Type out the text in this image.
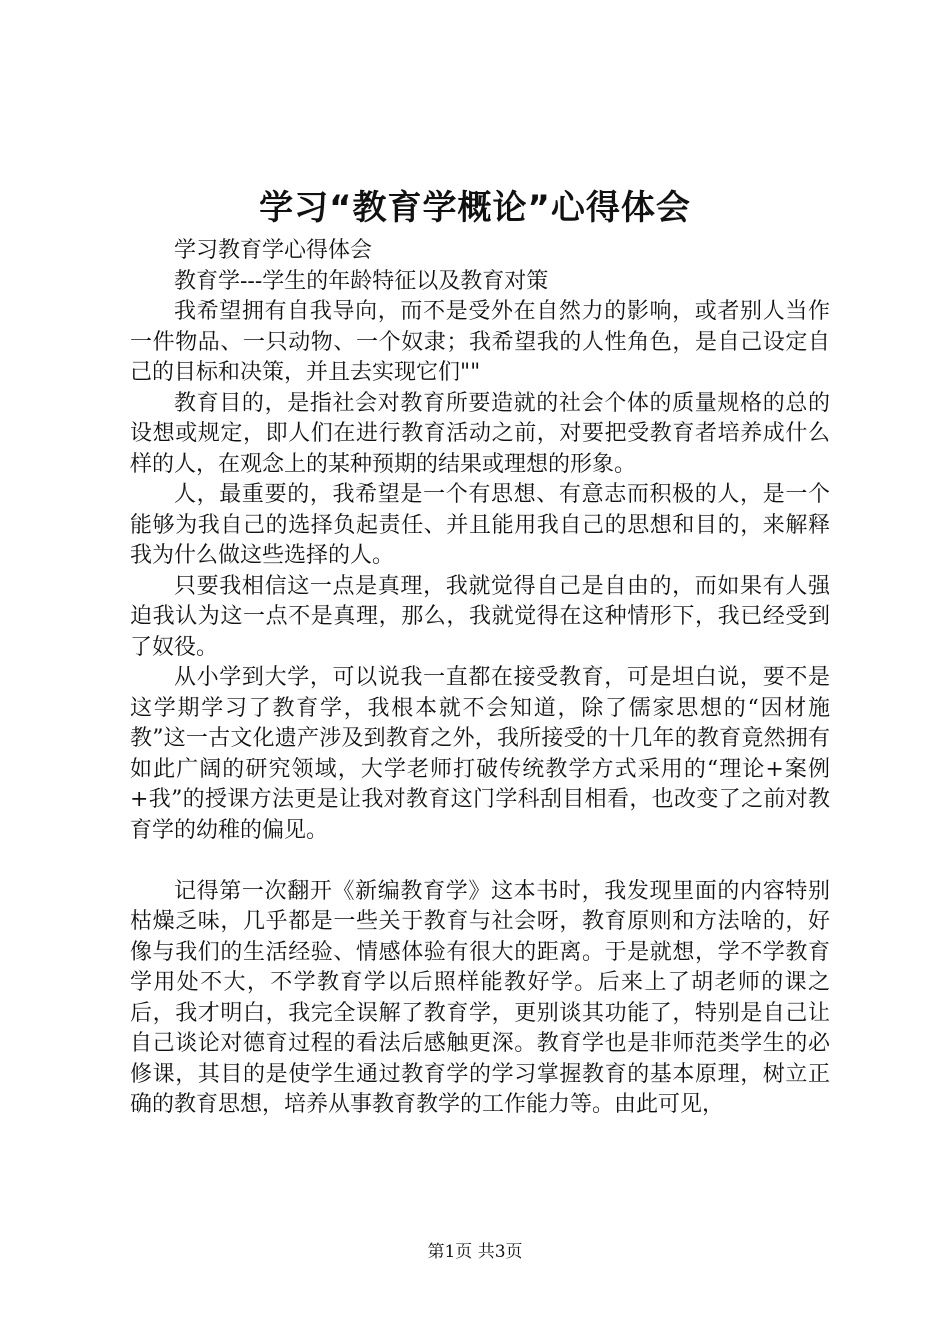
学习“教育学概论”心得体会

学习教育学心得体会

教育学---学生的年龄特征以及教育对策

我希望拥有自我导向，而不是受外在自然力的影响，或者别人当作一件物品、一只动物、一个奴隶；我希望我的人性角色，是自己设定自己的目标和决策，并且去实现它们""

教育目的，是指社会对教育所要造就的社会个体的质量规格的总的设想或规定，即人们在进行教育活动之前，对要把受教育者培养成什么样的人，在观念上的某种预期的结果或理想的形象。

人，最重要的，我希望是一个有思想、有意志而积极的人，是一个能够为我自己的选择负起责任、并且能用我自己的思想和目的，来解释我为什么做这些选择的人。

只要我相信这一点是真理，我就觉得自己是自由的，而如果有人强迫我认为这一点不是真理，那么，我就觉得在这种情形下，我已经受到了奴役。

从小学到大学，可以说我一直都在接受教育，可是坦白说，要不是这学期学习了教育学，我根本就不会知道，除了儒家思想的“因材施教”这一古文化遗产涉及到教育之外，我所接受的十几年的教育竟然拥有如此广阔的研究领域，大学老师打破传统教学方式采用的“理论+案例+我”的授课方法更是让我对教育这门学科刮目相看，也改变了之前对教育学的幼稚的偏见。

记得第一次翻开《新编教育学》这本书时，我发现里面的内容特别枯燥乏味，几乎都是一些关于教育与社会呀，教育原则和方法啥的，好像与我们的生活经验、情感体验有很大的距离。于是就想，学不学教育学用处不大，不学教育学以后照样能教好学。后来上了胡老师的课之后，我才明白，我完全误解了教育学，更别谈其功能了，特别是自己让自己谈论对德育过程的看法后感触更深。教育学也是非师范类学生的必修课，其目的是使学生通过教育学的学习掌握教育的基本原理，树立正确的教育思想，培养从事教育教学的工作能力等。由此可见，

第1页 共3页
